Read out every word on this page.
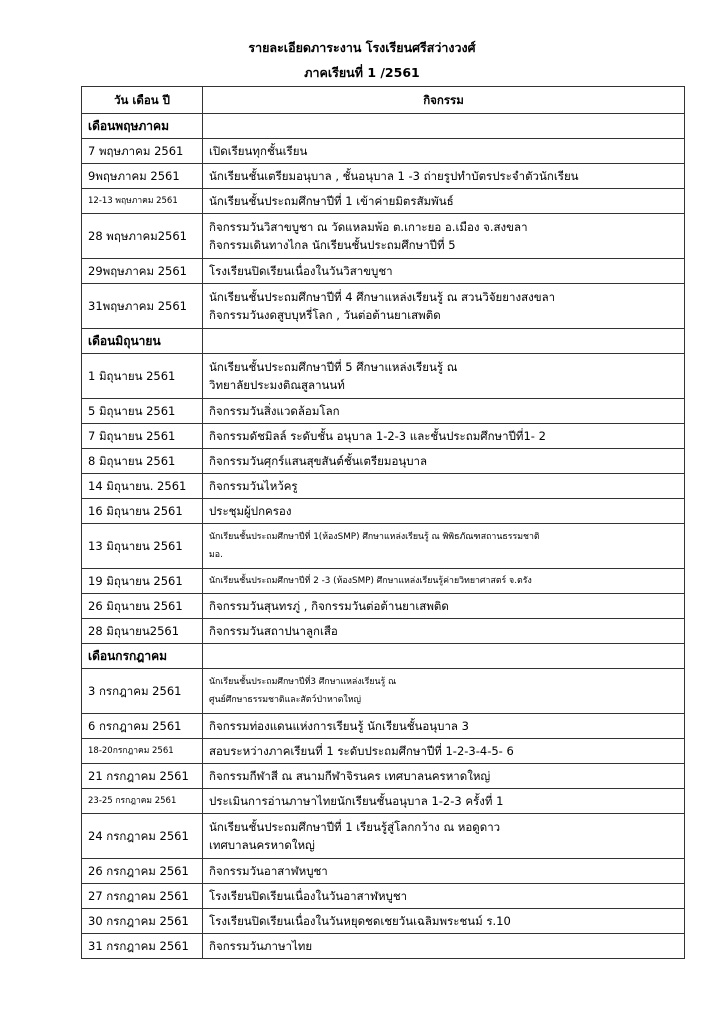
รายละเอียดภาระงาน โรงเรียนศรีสว่างวงศ์
ภาคเรียนที่ 1 /2561
วัน เดือน ปี	กิจกรรม
เดือนพฤษภาคม	
7 พฤษภาคม 2561	เปิดเรียนทุกชั้นเรียน

9พฤษภาคม 2561	นักเรียนชั้นเตรียมอนุบาล , ชั้นอนุบาล 1 -3 ถ่ายรูปทำบัตรประจำตัวนักเรียน

12-13 พฤษภาคม 2561	นักเรียนชั้นประถมศึกษาปีที่ 1 เข้าค่ายมิตรสัมพันธ์

28 พฤษภาคม2561	กิจกรรมวันวิสาขบูชา ณ วัดแหลมพ้อ ต.เกาะยอ อ.เมือง จ.สงขลา
กิจกรรมเดินทางไกล นักเรียนชั้นประถมศึกษาปีที่ 5

29พฤษภาคม 2561	โรงเรียนปิดเรียนเนื่องในวันวิสาขบูชา

31พฤษภาคม 2561	นักเรียนชั้นประถมศึกษาปีที่ 4 ศึกษาแหล่งเรียนรู้ ณ สวนวิจัยยางสงขลา
กิจกรรมวันงดสูบบุหรี่โลก , วันต่อต้านยาเสพติด

เดือนมิถุนายน	
1 มิถุนายน 2561	นักเรียนชั้นประถมศึกษาปีที่ 5 ศึกษาแหล่งเรียนรู้ ณ
วิทยาลัยประมงติณสูลานนท์

5 มิถุนายน 2561	กิจกรรมวันสิ่งแวดล้อมโลก

7 มิถุนายน 2561	กิจกรรมดัชมิลล์ ระดับชั้น อนุบาล 1-2-3 และชั้นประถมศึกษาปีที่1- 2

8 มิถุนายน 2561	กิจกรรมวันศุกร์แสนสุขสันต์ชั้นเตรียมอนุบาล

14 มิถุนายน. 2561	กิจกรรมวันไหว้ครู

16 มิถุนายน 2561	ประชุมผู้ปกครอง

13 มิถุนายน 2561	นักเรียนชั้นประถมศึกษาปีที่ 1(ห้องSMP) ศึกษาแหล่งเรียนรู้ ณ พิพิธภัณฑสถานธรรมชาติ
มอ.

19 มิถุนายน 2561	นักเรียนชั้นประถมศึกษาปีที่ 2 -3 (ห้องSMP) ศึกษาแหล่งเรียนรู้ค่ายวิทยาศาสตร์ จ.ตรัง

26 มิถุนายน 2561	กิจกรรมวันสุนทรภู่ , กิจกรรมวันต่อต้านยาเสพติด

28 มิถุนายน2561	กิจกรรมวันสถาปนาลูกเสือ

เดือนกรกฎาคม	
3 กรกฎาคม 2561	นักเรียนชั้นประถมศึกษาปีที่3 ศึกษาแหล่งเรียนรู้ ณ
ศูนย์ศึกษาธรรมชาติและสัตว์ป่าหาดใหญ่

6 กรกฎาคม 2561	กิจกรรมท่องแดนแห่งการเรียนรู้ นักเรียนชั้นอนุบาล 3

18-20กรกฎาคม 2561	สอบระหว่างภาคเรียนที่ 1 ระดับประถมศึกษาปีที่ 1-2-3-4-5- 6

21 กรกฎาคม 2561	กิจกรรมกีฬาสี ณ สนามกีฬาจิรนคร เทศบาลนครหาดใหญ่

23-25 กรกฎาคม 2561	ประเมินการอ่านภาษาไทยนักเรียนชั้นอนุบาล 1-2-3 ครั้งที่ 1

24 กรกฎาคม 2561	นักเรียนชั้นประถมศึกษาปีที่ 1 เรียนรู้สู่โลกกว้าง ณ หอดูดาว
เทศบาลนครหาดใหญ่

26 กรกฎาคม 2561	กิจกรรมวันอาสาฬหบูชา

27 กรกฎาคม 2561	โรงเรียนปิดเรียนเนื่องในวันอาสาฬหบูชา

30 กรกฎาคม 2561	โรงเรียนปิดเรียนเนื่องในวันหยุดชดเชยวันเฉลิมพระชนม์ ร.10

31 กรกฎาคม 2561	กิจกรรมวันภาษาไทย
